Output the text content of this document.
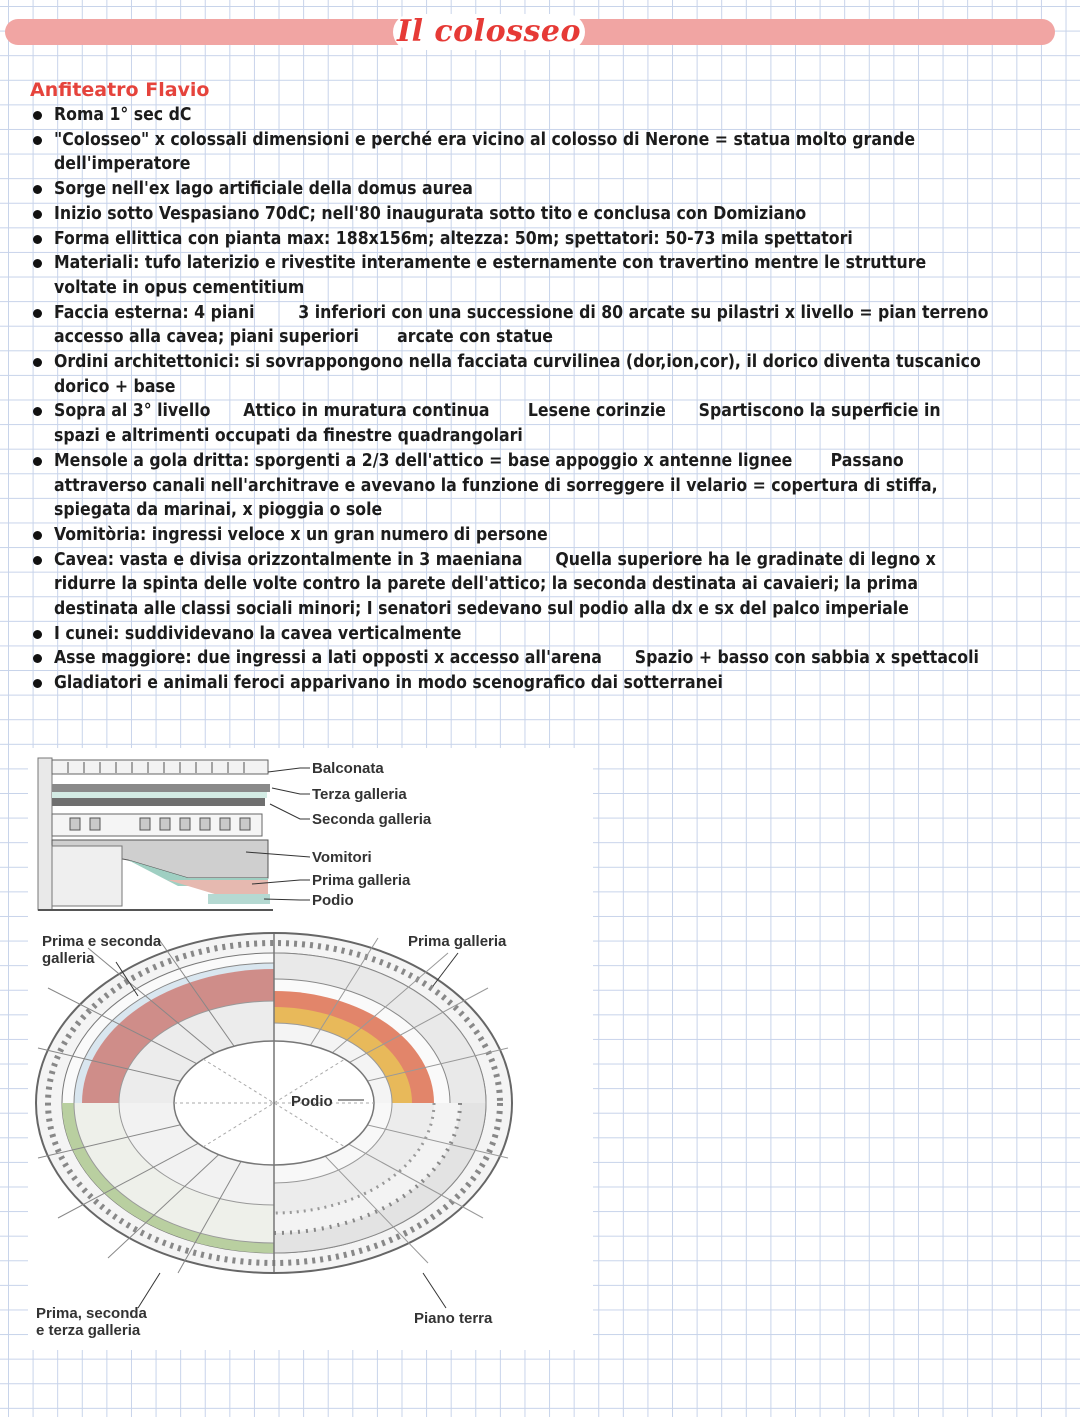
Il colosseo
Anfiteatro Flavio
Roma 1° sec dC
"Colosseo" x colossali dimensioni e perché era vicino al colosso di Nerone = statua molto grande
dell'imperatore
Sorge nell'ex lago artificiale della domus aurea
Inizio sotto Vespasiano 70dC; nell'80 inaugurata sotto tito e conclusa con Domiziano
Forma ellittica con pianta max: 188x156m; altezza: 50m; spettatori: 50-73 mila spettatori
Materiali: tufo laterizio e rivestite interamente e esternamente con travertino mentre le strutture
voltate in opus cementitium
Faccia esterna: 4 piani        3 inferiori con una successione di 80 arcate su pilastri x livello = pian terreno
accesso alla cavea; piani superiori       arcate con statue
Ordini architettonici: si sovrappongono nella facciata curvilinea (dor,ion,cor), il dorico diventa tuscanico
dorico + base
Sopra al 3° livello      Attico in muratura continua       Lesene corinzie      Spartiscono la superficie in
spazi e altrimenti occupati da finestre quadrangolari
Mensole a gola dritta: sporgenti a 2/3 dell'attico = base appoggio x antenne lignee       Passano
attraverso canali nell'architrave e avevano la funzione di sorreggere il velario = copertura di stiffa,
spiegata da marinai, x pioggia o sole
Vomitòria: ingressi veloce x un gran numero di persone
Cavea: vasta e divisa orizzontalmente in 3 maeniana      Quella superiore ha le gradinate di legno x
ridurre la spinta delle volte contro la parete dell'attico; la seconda destinata ai cavaieri; la prima
destinata alle classi sociali minori; I senatori sedevano sul podio alla dx e sx del palco imperiale
I cunei: suddividevano la cavea verticalmente
Asse maggiore: due ingressi a lati opposti x accesso all'arena      Spazio + basso con sabbia x spettacoli
Gladiatori e animali feroci apparivano in modo scenografico dai sotterranei
Balconata
Terza galleria
Seconda galleria
Vomitori
Prima galleria
Podio
Prima e seconda galleria
Prima galleria
Podio
Prima, seconda e terza galleria
Piano terra
